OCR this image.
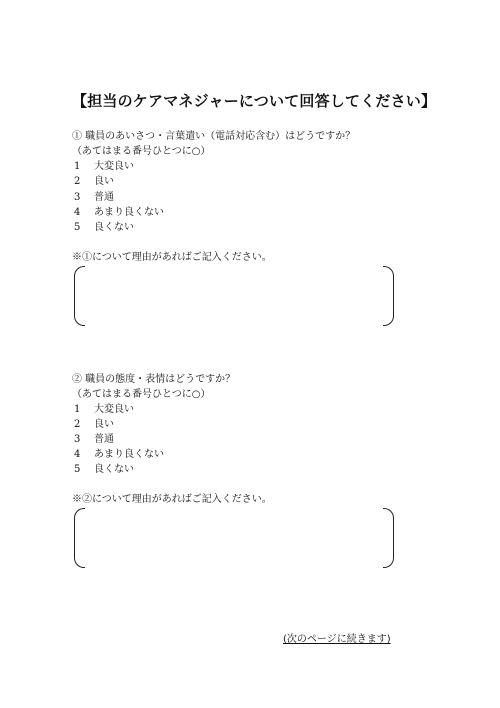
【担当のケアマネジャーについて回答してください】
① 職員のあいさつ・言葉遣い（電話対応含む）はどうですか？
（あてはまる番号ひとつに○）
1 大変良い
2 良い
3 普通
4 あまり良くない
5 良くない
※①について理由があればご記入ください。
② 職員の態度・表情はどうですか？
（あてはまる番号ひとつに○）
1 大変良い
2 良い
3 普通
4 あまり良くない
5 良くない
※②について理由があればご記入ください。
(次のページに続きます)
